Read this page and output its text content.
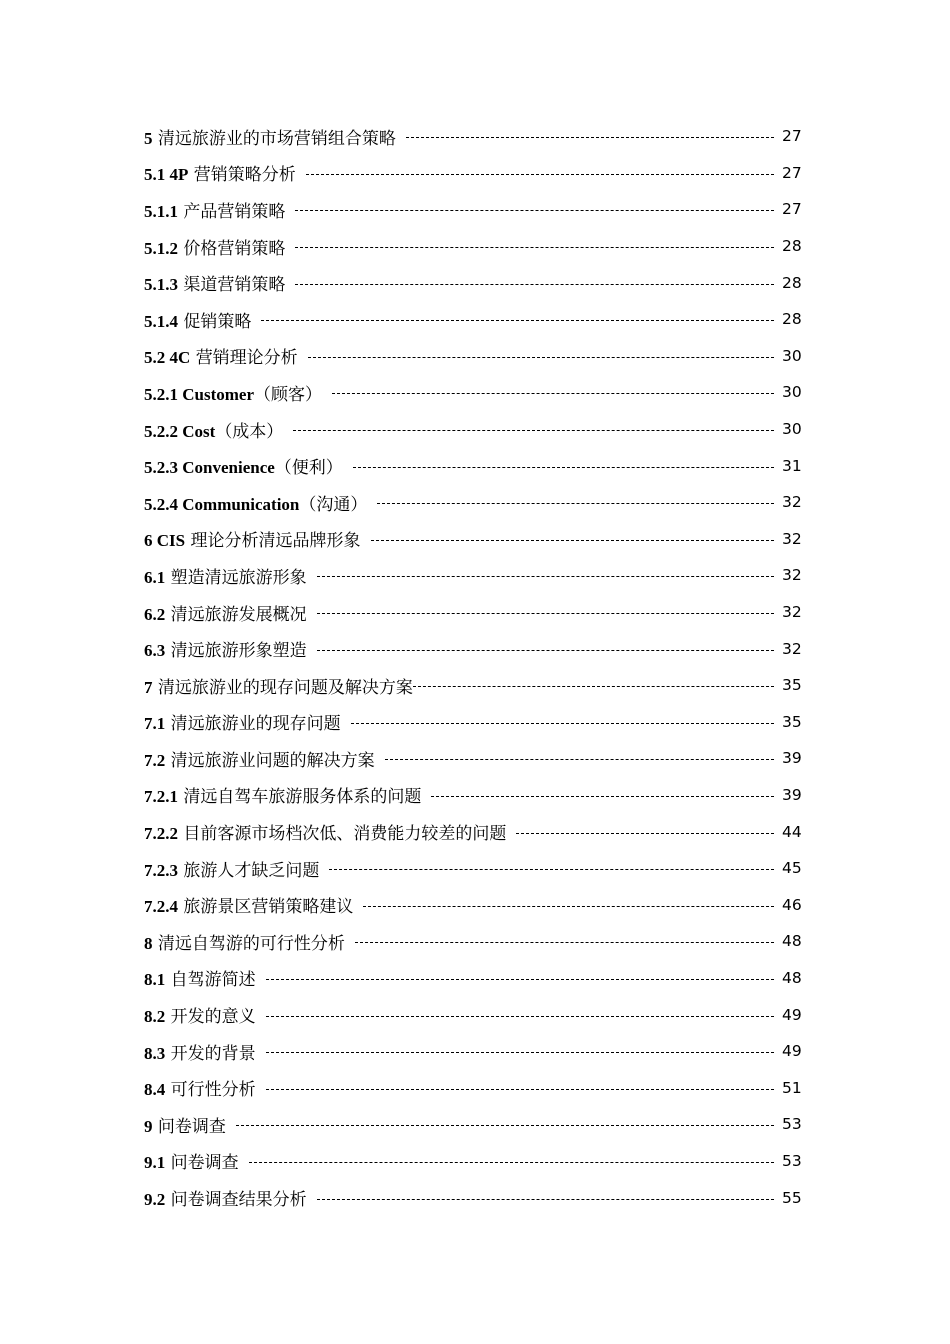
5 清远旅游业的市场营销组合策略	27
5.1 4P 营销策略分析	27
5.1.1 产品营销策略	27
5.1.2 价格营销策略	28
5.1.3 渠道营销策略	28
5.1.4 促销策略	28
5.2 4C 营销理论分析	30
5.2.1 Customer（顾客）	30
5.2.2 Cost（成本）	30
5.2.3 Convenience（便利）	31
5.2.4 Communication（沟通）	32
6 CIS 理论分析清远品牌形象	32
6.1 塑造清远旅游形象	32
6.2 清远旅游发展概况	32
6.3 清远旅游形象塑造	32
7 清远旅游业的现存问题及解决方案	35
7.1 清远旅游业的现存问题	35
7.2 清远旅游业问题的解决方案	39
7.2.1 清远自驾车旅游服务体系的问题	39
7.2.2 目前客源市场档次低、消费能力较差的问题	44
7.2.3 旅游人才缺乏问题	45
7.2.4 旅游景区营销策略建议	46
8 清远自驾游的可行性分析	48
8.1 自驾游简述	48
8.2 开发的意义	49
8.3 开发的背景	49
8.4 可行性分析	51
9 问卷调查	53
9.1 问卷调查	53
9.2 问卷调查结果分析	55
